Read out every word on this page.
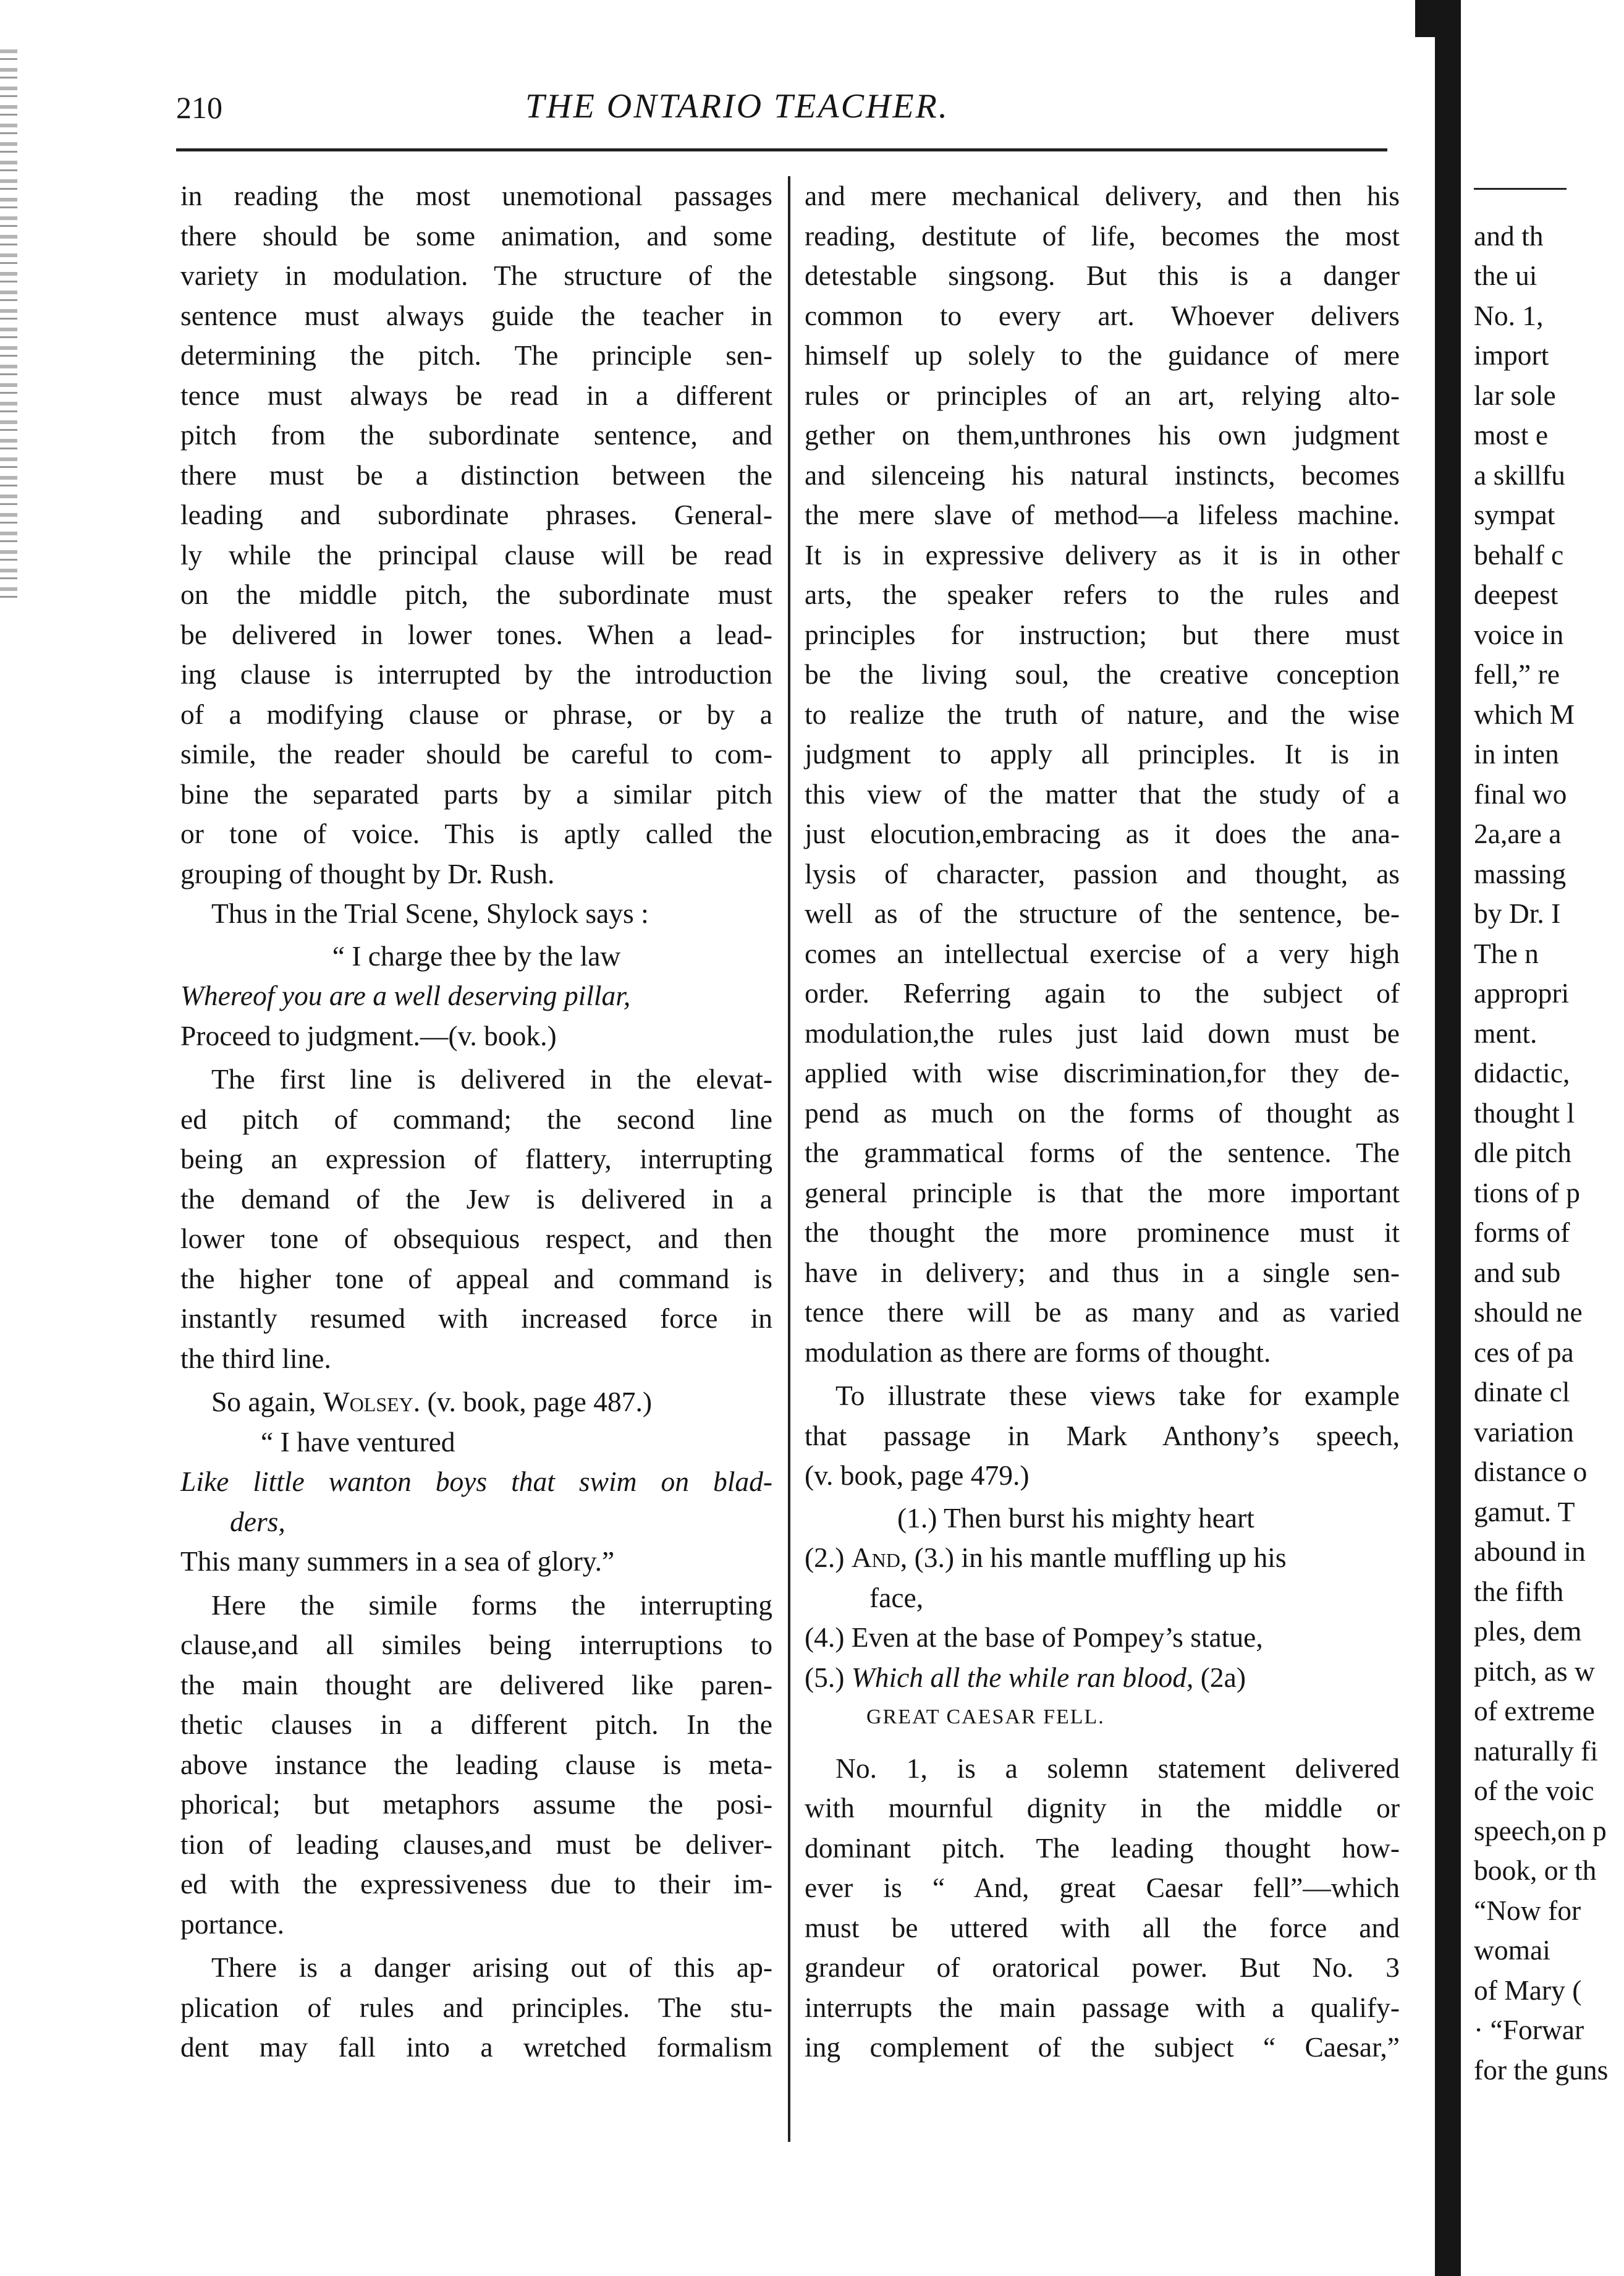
210	THE ONTARIO TEACHER.

in reading the most unemotional passages

there should be some animation, and some

variety in modulation. The structure of the

sentence must always guide the teacher in

determining the pitch. The principle sen-

tence must always be read in a different

pitch from the subordinate sentence, and

there must be a distinction between the

leading and subordinate phrases. General-

ly while the principal clause will be read

on the middle pitch, the subordinate must

be delivered in lower tones. When a lead-

ing clause is interrupted by the introduction

of a modifying clause or phrase, or by a

simile, the reader should be careful to com-

bine the separated parts by a similar pitch

or tone of voice. This is aptly called the

grouping of thought by Dr. Rush.

Thus in the Trial Scene, Shylock says :

“ I charge thee by the law

Whereof you are a well deserving pillar,

Proceed to judgment.—(v. book.)

The first line is delivered in the elevat-

ed pitch of command; the second line

being an expression of flattery, interrupting

the demand of the Jew is delivered in a

lower tone of obsequious respect, and then

the higher tone of appeal and command is

instantly resumed with increased force in

the third line.

So again, Wolsey. (v. book, page 487.)

“ I have ventured

Like little wanton boys that swim on blad-

ders,

This many summers in a sea of glory.”

Here the simile forms the interrupting

clause,and all similes being interruptions to

the main thought are delivered like paren-

thetic clauses in a different pitch. In the

above instance the leading clause is meta-

phorical; but metaphors assume the posi-

tion of leading clauses,and must be deliver-

ed with the expressiveness due to their im-

portance.

There is a danger arising out of this ap-

plication of rules and principles. The stu-

dent may fall into a wretched formalism

and mere mechanical delivery, and then his

reading, destitute of life, becomes the most

detestable singsong. But this is a danger

common to every art. Whoever delivers

himself up solely to the guidance of mere

rules or principles of an art, relying alto-

gether on them,unthrones his own judgment

and silenceing his natural instincts, becomes

the mere slave of method—a lifeless machine.

It is in expressive delivery as it is in other

arts, the speaker refers to the rules and

principles for instruction; but there must

be the living soul, the creative conception

to realize the truth of nature, and the wise

judgment to apply all principles. It is in

this view of the matter that the study of a

just elocution,embracing as it does the ana-

lysis of character, passion and thought, as

well as of the structure of the sentence, be-

comes an intellectual exercise of a very high

order. Referring again to the subject of

modulation,the rules just laid down must be

applied with wise discrimination,for they de-

pend as much on the forms of thought as

the grammatical forms of the sentence. The

general principle is that the more important

the thought the more prominence must it

have in delivery; and thus in a single sen-

tence there will be as many and as varied

modulation as there are forms of thought.

To illustrate these views take for example

that passage in Mark Anthony’s speech,

(v. book, page 479.)

(1.) Then burst his mighty heart

(2.) And, (3.) in his mantle muffling up his

face,

(4.) Even at the base of Pompey’s statue,

(5.) Which all the while ran blood, (2a)

GREAT CAESAR FELL.

No. 1, is a solemn statement delivered

with mournful dignity in the middle or

dominant pitch. The leading thought how-

ever is “ And, great Caesar fell”—which

must be uttered with all the force and

grandeur of oratorical power. But No. 3

interrupts the main passage with a qualify-

ing complement of the subject “ Caesar,”

and th
the ui
No. 1,
import
lar sole
most e
a skillfu
sympat
behalf c
deepest
voice in
fell,” re
which M
in inten
final wo
2a,are a
massing
by Dr. I
The n
appropri
ment.
didactic,
thought l
dle pitch
tions of p
forms of
and sub
should ne
ces of pa
dinate cl
variation
distance o
gamut. T
abound in
the fifth
ples, dem
pitch, as w
of extreme
naturally fi
of the voic
speech,on p
book, or th
“Now for
womai
of Mary (
· “Forwar
for the guns
